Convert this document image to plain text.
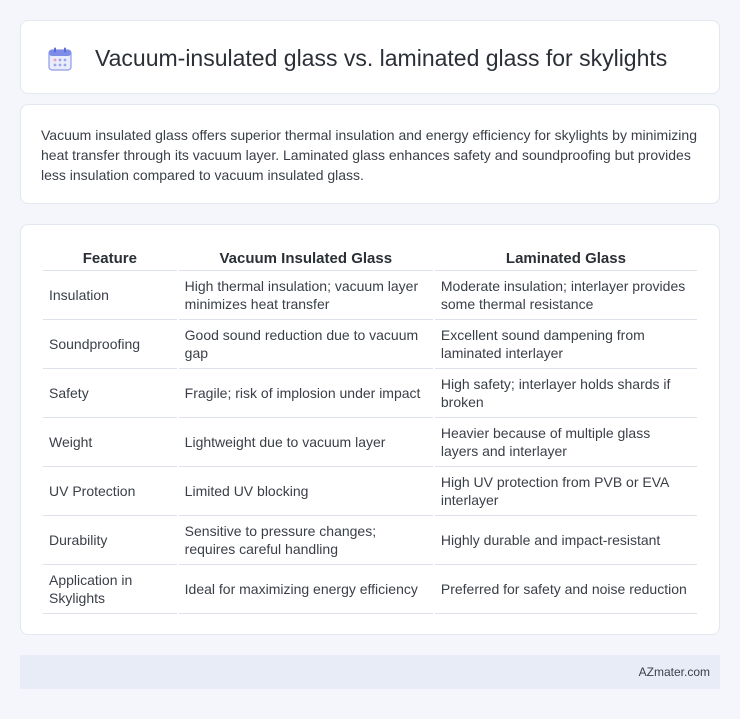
Vacuum-insulated glass vs. laminated glass for skylights

Vacuum insulated glass offers superior thermal insulation and energy efficiency for skylights by minimizing heat transfer through its vacuum layer. Laminated glass enhances safety and soundproofing but provides less insulation compared to vacuum insulated glass.

Feature	Vacuum Insulated Glass	Laminated Glass
Insulation	High thermal insulation; vacuum layer minimizes heat transfer	Moderate insulation; interlayer provides some thermal resistance
Soundproofing	Good sound reduction due to vacuum gap	Excellent sound dampening from laminated interlayer
Safety	Fragile; risk of implosion under impact	High safety; interlayer holds shards if broken
Weight	Lightweight due to vacuum layer	Heavier because of multiple glass layers and interlayer
UV Protection	Limited UV blocking	High UV protection from PVB or EVA interlayer
Durability	Sensitive to pressure changes; requires careful handling	Highly durable and impact-resistant
Application in Skylights	Ideal for maximizing energy efficiency	Preferred for safety and noise reduction
AZmater.com
